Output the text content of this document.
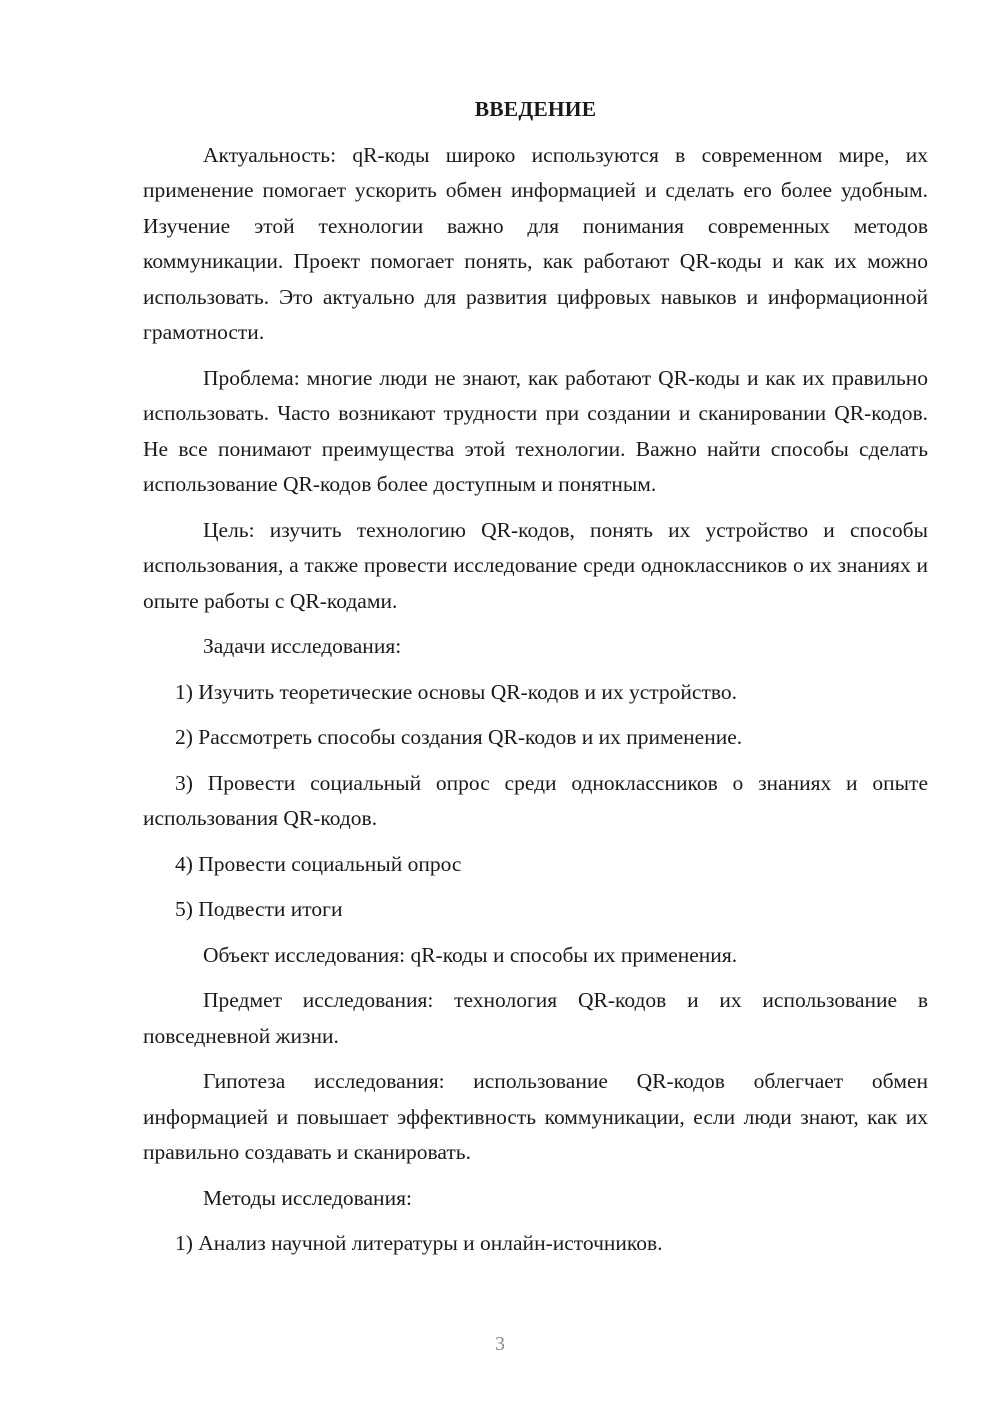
ВВЕДЕНИЕ

Актуальность: qR-коды широко используются в современном мире, их применение помогает ускорить обмен информацией и сделать его более удобным. Изучение этой технологии важно для понимания современных методов коммуникации. Проект помогает понять, как работают QR-коды и как их можно использовать. Это актуально для развития цифровых навыков и информационной грамотности.

Проблема: многие люди не знают, как работают QR-коды и как их правильно использовать. Часто возникают трудности при создании и сканировании QR-кодов. Не все понимают преимущества этой технологии. Важно найти способы сделать использование QR-кодов более доступным и понятным.

Цель: изучить технологию QR-кодов, понять их устройство и способы использования, а также провести исследование среди одноклассников о их знаниях и опыте работы с QR-кодами.

Задачи исследования:

1) Изучить теоретические основы QR-кодов и их устройство.

2) Рассмотреть способы создания QR-кодов и их применение.

3) Провести социальный опрос среди одноклассников о знаниях и опыте использования QR-кодов.

4) Провести социальный опрос

5) Подвести итоги

Объект исследования: qR-коды и способы их применения.

Предмет исследования: технология QR-кодов и их использование в повседневной жизни.

Гипотеза исследования: использование QR-кодов облегчает обмен информацией и повышает эффективность коммуникации, если люди знают, как их правильно создавать и сканировать.

Методы исследования:

1) Анализ научной литературы и онлайн-источников.

3
